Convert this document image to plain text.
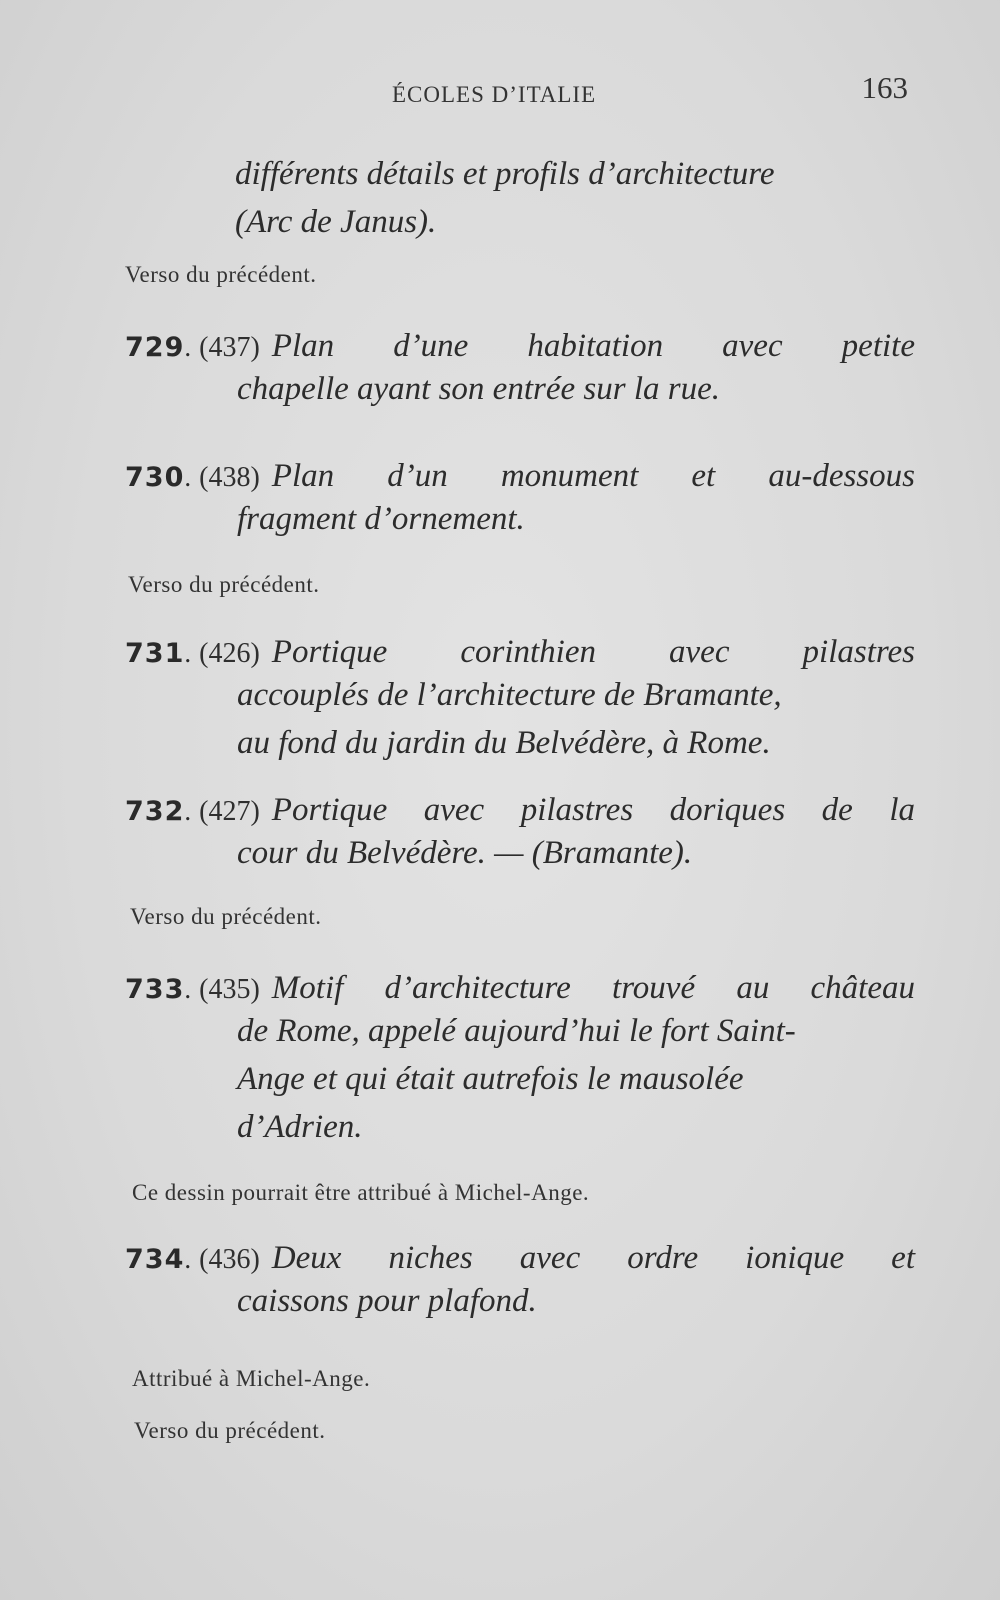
ÉCOLES D’ITALIE	163
différents détails et profils d’architecture
(Arc de Janus).
Verso du précédent.
729 . (437) Plan d’une habitation avec petite
chapelle ayant son entrée sur la rue.
730 . (438) Plan d’un monument et au-dessous
fragment d’ornement.
Verso du précédent.
731 . (426) Portique corinthien avec pilastres
accouplés de l’architecture de Bramante,
au fond du jardin du Belvédère, à Rome.
732 . (427) Portique avec pilastres doriques de la
cour du Belvédère. — (Bramante).
Verso du précédent.
733 . (435) Motif d’architecture trouvé au château
de Rome, appelé aujourd’hui le fort Saint-
Ange et qui était autrefois le mausolée
d’Adrien.
Ce dessin pourrait être attribué à Michel-Ange.
734 . (436) Deux niches avec ordre ionique et
caissons pour plafond.
Attribué à Michel-Ange.
Verso du précédent.
